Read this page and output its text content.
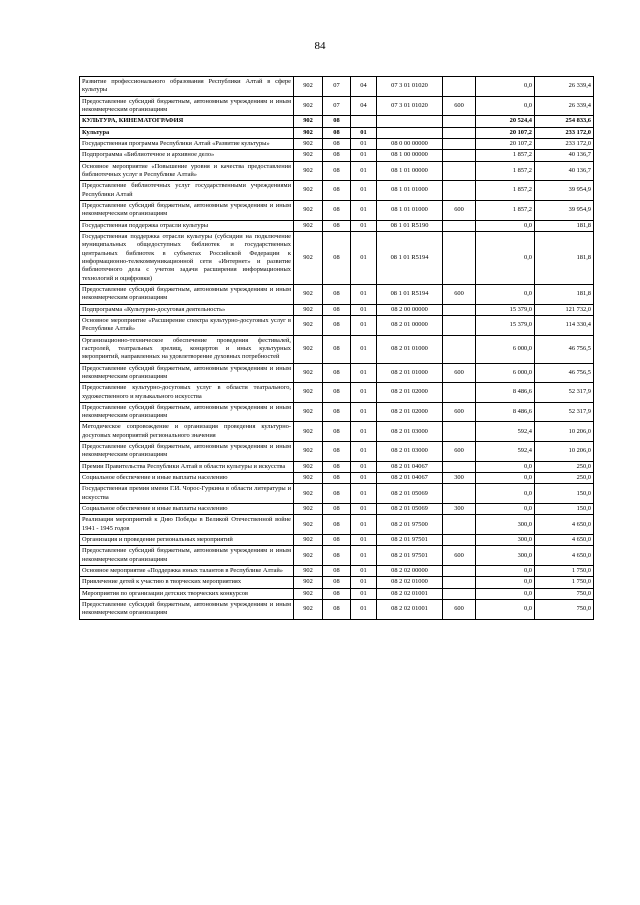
84
Развитие профессионального образования Республики Алтай в сфере культуры	902	07	04	07 3 01 01020		0,0	26 339,4
Предоставление субсидий бюджетным, автономным учреждениям и иным некоммерческим организациям	902	07	04	07 3 01 01020	600	0,0	26 339,4
КУЛЬТУРА, КИНЕМАТОГРАФИЯ	902	08				20 524,4	254 833,6
Культура	902	08	01			20 107,2	233 172,0
Государственная программа Республики Алтай «Развитие культуры»	902	08	01	08 0 00 00000		20 107,2	233 172,0
Подпрограмма «Библиотечное и архивное дело»	902	08	01	08 1 00 00000		1 857,2	40 136,7
Основное мероприятие «Повышение уровня и качества предоставления библиотечных услуг в Республике Алтай»	902	08	01	08 1 01 00000		1 857,2	40 136,7
Предоставление библиотечных услуг государственными учреждениями Республики Алтай	902	08	01	08 1 01 01000		1 857,2	39 954,9
Предоставление субсидий бюджетным, автономным учреждениям и иным некоммерческим организациям	902	08	01	08 1 01 01000	600	1 857,2	39 954,9
Государственная поддержка отрасли культуры	902	08	01	08 1 01 R5190		0,0	181,8
Государственная поддержка отрасли культуры (субсидии на подключение муниципальных общедоступных библиотек и государственных центральных библиотек в субъектах Российской Федерации к информационно-телекоммуникационной сети «Интернет» и развитие библиотечного дела с учетом задачи расширения информационных технологий и оцифровки)	902	08	01	08 1 01 R5194		0,0	181,8
Предоставление субсидий бюджетным, автономным учреждениям и иным некоммерческим организациям	902	08	01	08 1 01 R5194	600	0,0	181,8
Подпрограмма «Культурно-досуговая деятельность»	902	08	01	08 2 00 00000		15 379,0	121 732,0
Основное мероприятие «Расширение спектра культурно-досуговых услуг в Республике Алтай»	902	08	01	08 2 01 00000		15 379,0	114 330,4
Организационно-техническое обеспечение проведения фестивалей, гастролей, театральных зрелищ, концертов и иных культурных мероприятий, направленных на удовлетворение духовных потребностей	902	08	01	08 2 01 01000		6 000,0	46 756,5
Предоставление субсидий бюджетным, автономным учреждениям и иным некоммерческим организациям	902	08	01	08 2 01 01000	600	6 000,0	46 756,5
Предоставление культурно-досуговых услуг в области театрального, художественного и музыкального искусства	902	08	01	08 2 01 02000		8 486,6	52 317,9
Предоставление субсидий бюджетным, автономным учреждениям и иным некоммерческим организациям	902	08	01	08 2 01 02000	600	8 486,6	52 317,9
Методическое сопровождение и организация проведения культурно-досуговых мероприятий регионального значения	902	08	01	08 2 01 03000		592,4	10 206,0
Предоставление субсидий бюджетным, автономным учреждениям и иным некоммерческим организациям	902	08	01	08 2 01 03000	600	592,4	10 206,0
Премии Правительства Республики Алтай в области культуры и искусства	902	08	01	08 2 01 04067		0,0	250,0
Социальное обеспечение и иные выплаты населению	902	08	01	08 2 01 04067	300	0,0	250,0
Государственная премия имени Г.И. Чорос-Гуркина в области литературы и искусства	902	08	01	08 2 01 05069		0,0	150,0
Социальное обеспечение и иные выплаты населению	902	08	01	08 2 01 05069	300	0,0	150,0
Реализация мероприятий к Дню Победы в Великой Отечественной войне 1941 - 1945 годов	902	08	01	08 2 01 97500		300,0	4 650,0
Организация и проведение региональных мероприятий	902	08	01	08 2 01 97501		300,0	4 650,0
Предоставление субсидий бюджетным, автономным учреждениям и иным некоммерческим организациям	902	08	01	08 2 01 97501	600	300,0	4 650,0
Основное мероприятие «Поддержка юных талантов в Республике Алтай»	902	08	01	08 2 02 00000		0,0	1 750,0
Привлечение детей к участию в творческих мероприятиях	902	08	01	08 2 02 01000		0,0	1 750,0
Мероприятия по организации детских творческих конкурсов	902	08	01	08 2 02 01001		0,0	750,0
Предоставление субсидий бюджетным, автономным учреждениям и иным некоммерческим организациям	902	08	01	08 2 02 01001	600	0,0	750,0
